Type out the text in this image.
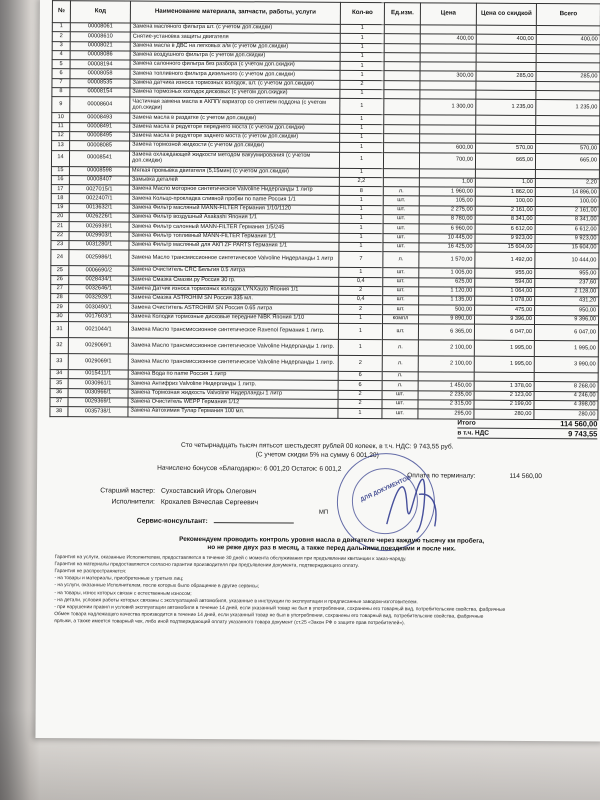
№	Код	Наименование материала, запчасти, работы, услуги	Кол-во	Ед.изм.	Цена	Цена со скидкой	Всего
1	00008061	Замена масляного фильтра шт. (с учетом доп.скидки)	1				
2	00008610	Снятие-установка защиты двигателя	1		400,00	400,00	400,00
3	00008021	Замена масла в ДВС на легковых а/м (с учетом доп.скидки)	1				
4	00008086	Замена воздушного фильтра (с учетом доп.скидки)	1				
5	00008194	Замена салонного фильтра без разбора (с учетом доп.скидки)	1				
6	00008058	Замена топливного фильтра дизельного (с учетом доп.скидки)	1		300,00	285,00	285,00
7	00008535	Замена датчика износа тормозных колодок, шт. (с учетом доп.скидки)	2				
8	00008154	Замена тормозных колодок дисковых (с учетом доп.скидки)	1				
9	00008604	Частичная замена масла в АКПП/ вариатор со снятием поддона (с учетом доп.скидки)	1		1 300,00	1 235,00	1 235,00
10	00008493	Замена масла в раздатке (с учетом доп.скидки)	1				
11	00008491	Замена масла в редукторе переднего моста (с учетом доп.скидки)	1				
12	00008495	Замена масла в редукторе заднего моста (с учетом доп.скидки)	1				
13	00008085	Замена тормозной жидкости (с учетом доп.скидки)	1		600,00	570,00	570,00
14	00008541	Замена охлаждающей жидкости методом вакуумирования (с учетом доп.скидки)	1		700,00	665,00	665,00
15	00008598	Мягкая промывка двигателя (5,15мин) (с учетом доп.скидки)	1				
16	00008407	Замывка деталей	2,2		1,00	1,00	2,20
17	0027015/1	Замена Масло моторное синтетическое Valvoline Нидерланды 1 литр	8	л.	1 960,00	1 862,00	14 896,00
18	0022407/1	Замена Кольцо-прокладка сливной пробки no name Россия 1/1	1	шт.	105,00	100,00	100,00
19	0013632/1	Замена Фильтр масляный MANN-FILTER Германия 1/10/1120	1	шт.	2 275,00	2 161,00	2 161,00
20	0026226/1	Замена Фильтр воздушный Asakashi Япония 1/1	1	шт.	8 780,00	8 341,00	8 341,00
21	0026939/1	Замена Фильтр салонный MANN-FILTER Германия 1/5/245	1	шт.	6 960,00	6 612,00	6 612,00
22	0029903/1	Замена Фильтр топливный MANN-FILTER Германия 1/1	1	шт.	10 445,00	9 923,00	9 923,00
23	0031280/1	Замена Фильтр масляный для АКП ZF PARTS Германия 1/1	1	шт.	16 425,00	15 604,00	15 604,00
24	0025986/1	Замена Масло трансмиссионное синтетическое Valvoline Нидерланды 1 литр	7	л.	1 570,00	1 492,00	10 444,00
25	0006690/2	Замена Очиститель CRC Бельгия 0.5 литра	1	шт.	1 005,00	955,00	955,00
26	0028434/1	Замена Смазка Смазки.ру Россия 30 гр.	0,4	шт.	625,00	594,00	237,60
27	0032646/1	Замена Датчик износа тормозных колодок LYNXauto Япония 1/1	2	шт.	1 120,00	1 064,00	2 128,00
28	0032928/1	Замена Смазка ASTROHIM SN Россия 335 мл.	0,4	шт.	1 135,00	1 078,00	431,20
29	0030490/1	Замена Очиститель ASTROHIM SN Россия 0.65 литра	2	шт.	500,00	475,00	950,00
30	0017603/1	Замена Колодки тормозные дисковые передние NiBK Япония 1/10	1	компл	9 890,00	9 396,00	9 396,00
31	0021044/1	Замена Масло трансмиссионное синтетическое Ravenol Германия 1 литр.	1	шт.	6 365,00	6 047,00	6 047,00
32	0029069/1	Замена Масло трансмиссионное синтетическое Valvoline Нидерланды 1 литр.	1	л.	2 100,00	1 995,00	1 995,00
33	0029069/1	Замена Масло трансмиссионное синтетическое Valvoline Нидерланды 1 литр.	2	л.	2 100,00	1 995,00	3 990,00
34	0015411/1	Замена Вода по name Россия 1 литр	6	л.			
35	0030961/1	Замена Антифриз Valvoline Нидерланды 1 литр.	6	л.	1 450,00	1 378,00	8 268,00
36	0030966/1	Замена Тормозная жидкость Valvoline Нидерланды 1 литр	2	шт.	2 235,00	2 123,00	4 246,00
37	0029369/1	Замена Очиститель WEPP Германия 1/12	2	шт.	2 315,00	2 199,00	4 398,00
38	0035738/1	Замена Автохимия Тулар Германия 100 мл.	1	шт.	295,00	280,00	280,00
Итого	114 560,00
в т.ч. НДС	9 743,55
Сто четырнадцать тысяч пятьсот шестьдесят рублей 00 копеек, в т.ч. НДС: 9 743,55 руб.
(С учетом скидки 5% на сумму 6 001,20)
Начислено бонусов «Благодарю»: 6 001,20 Остаток: 6 001,2
Оплата по терминалу:	114 560,00
Старший мастер: Сухоставский Игорь Олегович
Исполнители: Крохалев Вячеслав Сергеевич
МП
Сервис-консультант:
ДЛЯ ДОКУМЕНТОВ
Рекомендуем проводить контроль уровня масла в двигателе через каждую тысячу км пробега,
но не реже двух раз в месяц, а также перед дальними поездками и после них.
Гарантия на услуги, оказанные Исполнителем, предоставляется в течение 30 дней с момента обслуживания при предъявлении квитанции к заказ-наряду.
Гарантия на материалы предоставляется согласно гарантии производителя при предъявлении документа, подтверждающего оплату.
Гарантия не распространяется:
- на товары и материалы, приобретенные у третьих лиц;
- на услуги, оказанные Исполнителем, после которых было обращение в другие сервисы;
- на товары, износ которых связан с естественным износом;
- на детали, условия работы которых связаны с эксплуатацией автомобиля, указанные в инструкции по эксплуатации и предписанные заводом-изготовителем.
- при нарушении правил и условий эксплуатации автомобиля в течение 14 дней, если указанный товар не был в употреблении, сохранены его товарный вид, потребительские свойства, фабричные
Обмен товара надлежащего качества производится в течение 14 дней, если указанный товар не был в употреблении, сохранены его товарный вид, потребительские свойства, фабричные
ярлыки, а также имеется товарный чек, либо иной подтверждающий оплату указанного товара документ (ст.25 «Закон РФ о защите прав потребителей»).
